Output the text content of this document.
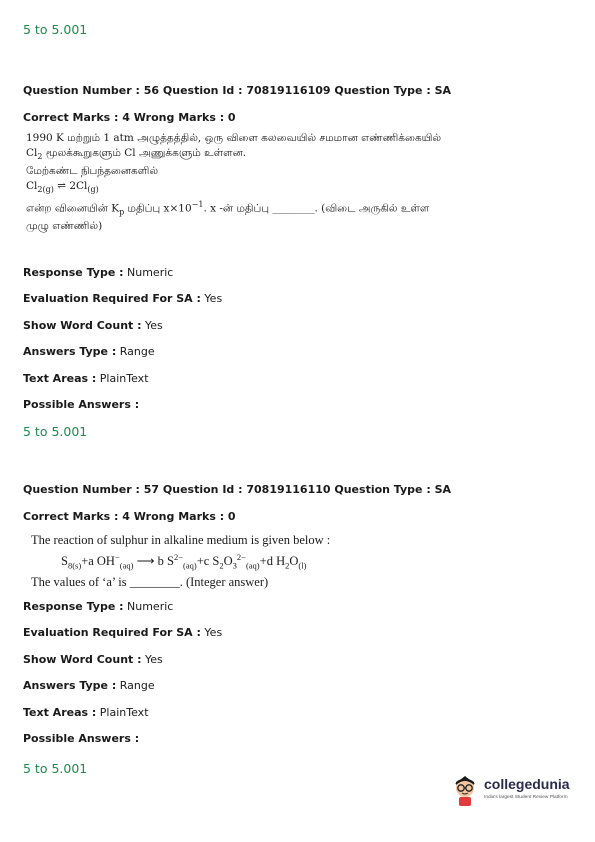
5 to 5.001
Question Number : 56 Question Id : 70819116109 Question Type : SA
Correct Marks : 4 Wrong Marks : 0
1990 K மற்றும் 1 atm அழுத்தத்தில், ஒரு விளை கலவையில் சமமான எண்ணிக்கையில்
$Cl_2$ மூலக்கூறுகளும் Cl அணுக்களும் உள்ளன.
மேற்கண்ட நிபந்தனைகளில்
$Cl_{2(g)}$ ⇌ $2Cl_{(g)}$
என்ற வினையின் $K_p$ மதிப்பு $x\times 10^{-1}$. x -ன் மதிப்பு ________. (விடை அருகில் உள்ள
முழு எண்ணில்)
Response Type : Numeric
Evaluation Required For SA : Yes
Show Word Count : Yes
Answers Type : Range
Text Areas : PlainText
Possible Answers :
5 to 5.001
Question Number : 57 Question Id : 70819116110 Question Type : SA
Correct Marks : 4 Wrong Marks : 0
The reaction of sulphur in alkaline medium is given below :
$S_{8(s)}+a$ $OH^-_{(aq)}$ ⟶ b $S^{2-}_{(aq)}+c$ $S_2O_3^{2-}_{(aq)}+d$ $H_2O_{(l)}$
The values of ‘a’ is ________. (Integer answer)
Response Type : Numeric
Evaluation Required For SA : Yes
Show Word Count : Yes
Answers Type : Range
Text Areas : PlainText
Possible Answers :
5 to 5.001
collegedunia
India's largest Student Review Platform
